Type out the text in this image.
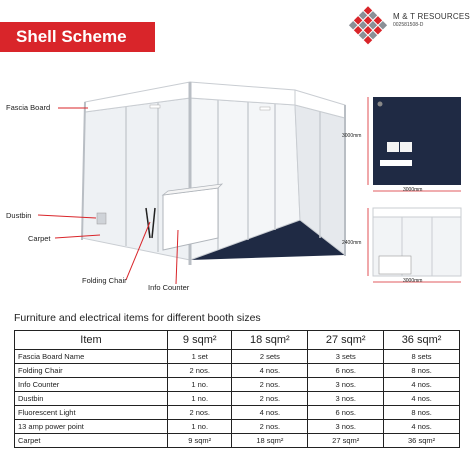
Shell Scheme
M & T RESOURCES
002581508-D
Fascia Board
Dustbin
Carpet
Folding Chair
Info Counter
3000mm
3000mm
2400mm
3000mm
Furniture and electrical items for different booth sizes
Item	9 sqm²	18 sqm²	27 sqm²	36 sqm²
Fascia Board Name	1 set	2 sets	3 sets	8 sets
Folding Chair	2 nos.	4 nos.	6 nos.	8 nos.
Info Counter	1 no.	2 nos.	3 nos.	4 nos.
Dustbin	1 no.	2 nos.	3 nos.	4 nos.
Fluorescent Light	2 nos.	4 nos.	6 nos.	8 nos.
13 amp power point	1 no.	2 nos.	3 nos.	4 nos.
Carpet	9 sqm²	18 sqm²	27 sqm²	36 sqm²
